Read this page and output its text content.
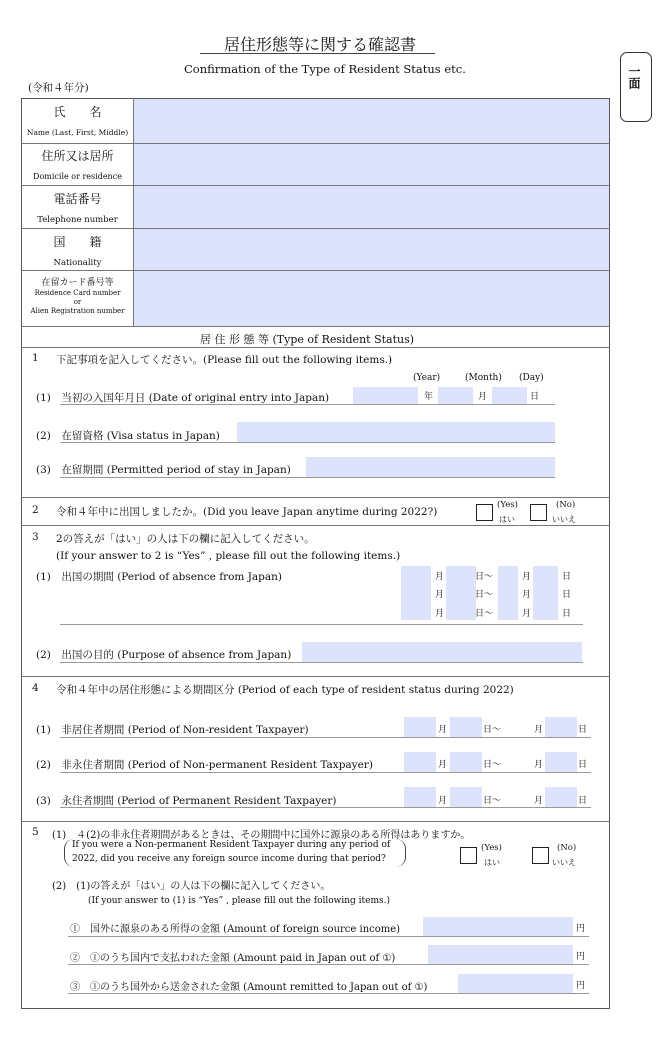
居住形態等に関する確認書
Confirmation of the Type of Resident Status etc.
(令和４年分)	一面
氏　　名
Name (Last, First, Middle)
住所又は居所
Domicile or residence
電話番号
Telephone number
国　　籍
Nationality
在留カード番号等
Residence Card number
or
Alien Registration number
居 住 形 態 等 (Type of Resident Status)
1 下記事項を記入してください。(Please fill out the following items.)
(Year)	(Month) (Day)
(1)　当初の入国年月日 (Date of original entry into Japan)	年	月	日
(2)　在留資格 (Visa status in Japan)
(3)　在留期間 (Permitted period of stay in Japan)
2 令和４年中に出国しましたか。(Did you leave Japan anytime during 2022?)
(Yes)
はい
(No)
いいえ
3 2の答えが「はい」の人は下の欄に記入してください。
(If your answer to 2 is “Yes” , please fill out the following items.)
(1)　出国の期間 (Period of absence from Japan)	月	日〜	月	日
月	日〜	月	日
月	日〜	月	日
(2)　出国の目的 (Purpose of absence from Japan)
4 令和４年中の居住形態による期間区分 (Period of each type of resident status during 2022)
(1)　非居住者期間 (Period of Non-resident Taxpayer)	月	日〜	月	日
(2)　非永住者期間 (Period of Non-permanent Resident Taxpayer)	月	日〜	月	日
(3)　永住者期間 (Period of Permanent Resident Taxpayer)	月	日〜	月	日
5 (1)　４(2)の非永住者期間があるときは、その期間中に国外に源泉のある所得はありますか。
If you were a Non-permanent Resident Taxpayer during any period of
2022, did you receive any foreign source income during that period?
(Yes)
はい
(No)
いいえ
(2)　(1)の答えが「はい」の人は下の欄に記入してください。
(If your answer to (1) is “Yes” , please fill out the following items.)
①　国外に源泉のある所得の金額 (Amount of foreign source income)	円
②　①のうち国内で支払われた金額 (Amount paid in Japan out of ①)	円
③　①のうち国外から送金された金額 (Amount remitted to Japan out of ①)	円
